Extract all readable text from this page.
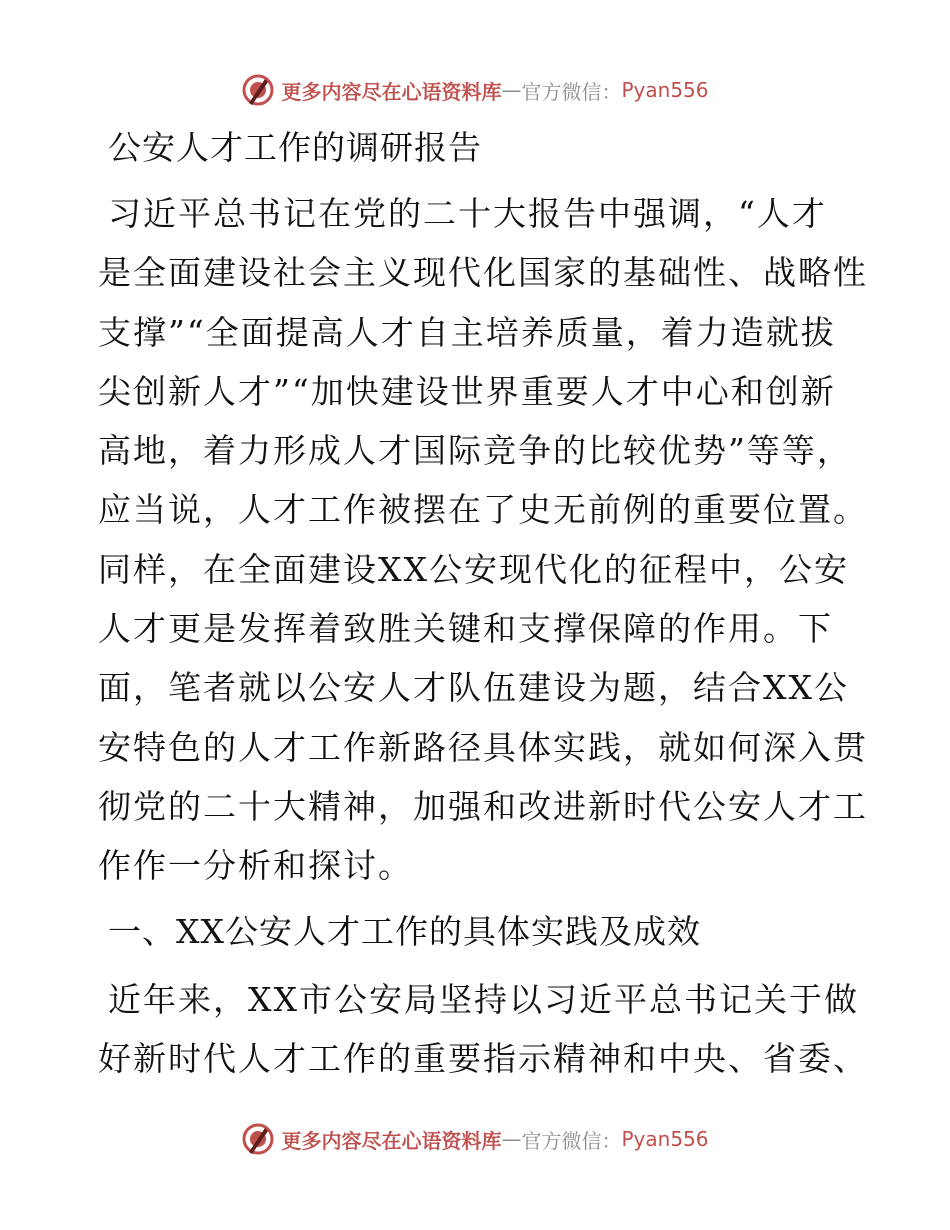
更多内容尽在心语资料库 — 官方微信： Pyan556
公安人才工作的调研报告
习近平总书记在党的二十大报告中强调，“人才
是全面建设社会主义现代化国家的基础性、战略性
支撑”“全面提高人才自主培养质量，着力造就拔
尖创新人才”“加快建设世界重要人才中心和创新
高地，着力形成人才国际竞争的比较优势”等等，
应当说，人才工作被摆在了史无前例的重要位置。
同样，在全面建设XX公安现代化的征程中，公安
人才更是发挥着致胜关键和支撑保障的作用。下
面，笔者就以公安人才队伍建设为题，结合XX公
安特色的人才工作新路径具体实践，就如何深入贯
彻党的二十大精神，加强和改进新时代公安人才工
作作一分析和探讨。
一、XX公安人才工作的具体实践及成效
近年来，XX市公安局坚持以习近平总书记关于做
好新时代人才工作的重要指示精神和中央、省委、
更多内容尽在心语资料库 — 官方微信： Pyan556
